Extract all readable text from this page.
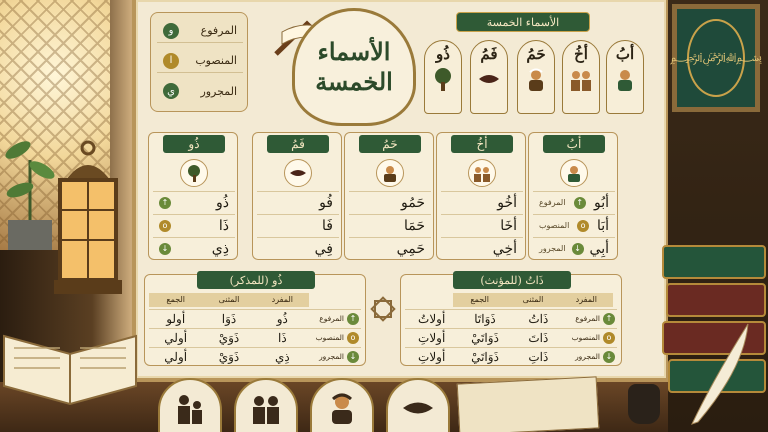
المرفوع
و
المنصوب
ا
المجرور
ي
الأسماء
الخمسة
الأسماء الخمسة
أبُ
أخُ
حَمُ
فَمُ
ذُو
أبُ
أبُو
↑
المرفوع
أبَا
o
المنصوب
أبِي
↓
المجرور
أخُ
أخُو
أخَا
أخِي
حَمُ
حَمُو
حَمَا
حَمِي
فَمُ
فُو
فَا
فِي
ذُو
ذُو
↑
ذَا
o
ذِي
↓
ذَاتُ (للمؤنث)
المفرد
المثنى
الجمع
↑
المرفوع
ذَاتُ
ذَوَاتَا
أولاتُ
o
المنصوب
ذَاتَ
ذَوَاتَيْ
أولاتِ
↓
المجرور
ذَاتِ
ذَوَاتَيْ
أولاتِ
ذُو (للمذكر)
المفرد
المثنى
الجمع
↑
المرفوع
ذُو
ذَوَا
أولو
o
المنصوب
ذَا
ذَوَيْ
أولي
↓
المجرور
ذِي
ذَوَيْ
أولي
﷽
